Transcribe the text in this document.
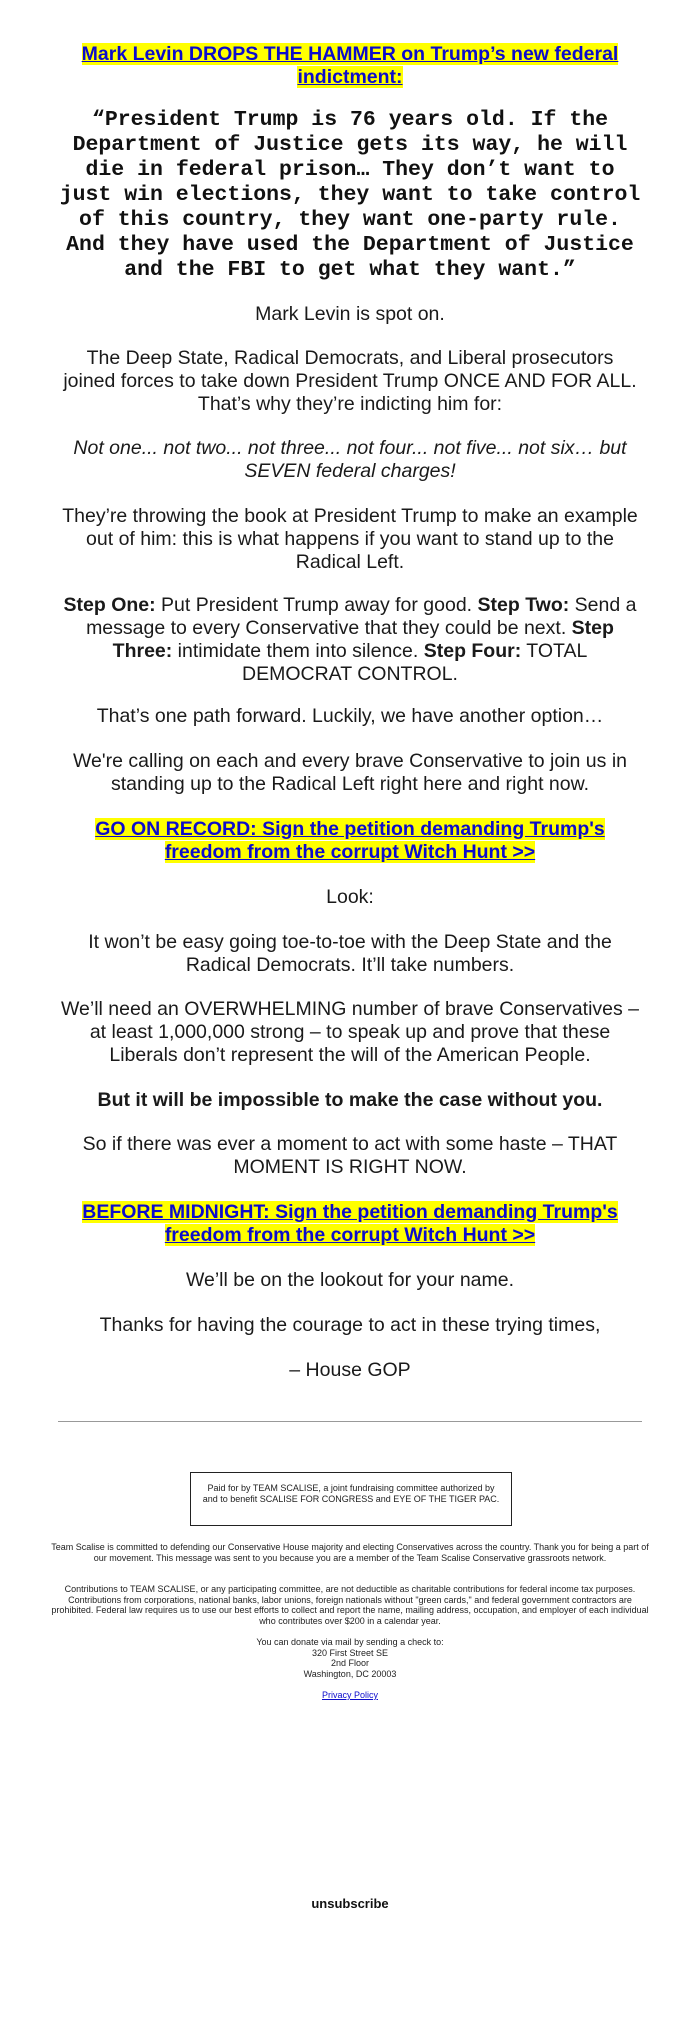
Mark Levin DROPS THE HAMMER on Trump’s new federal indictment:
“President Trump is 76 years old. If the Department of Justice gets its way, he will die in federal prison… They don’t want to just win elections, they want to take control of this country, they want one-party rule. And they have used the Department of Justice and the FBI to get what they want.”
Mark Levin is spot on.
The Deep State, Radical Democrats, and Liberal prosecutors joined forces to take down President Trump ONCE AND FOR ALL. That’s why they’re indicting him for:
Not one... not two... not three... not four... not five... not six… but SEVEN federal charges!
They’re throwing the book at President Trump to make an example out of him: this is what happens if you want to stand up to the Radical Left.
Step One: Put President Trump away for good. Step Two: Send a message to every Conservative that they could be next. Step Three: intimidate them into silence. Step Four: TOTAL DEMOCRAT CONTROL.
That’s one path forward. Luckily, we have another option…
We're calling on each and every brave Conservative to join us in standing up to the Radical Left right here and right now.
GO ON RECORD: Sign the petition demanding Trump's freedom from the corrupt Witch Hunt >>
Look:
It won’t be easy going toe-to-toe with the Deep State and the Radical Democrats. It’ll take numbers.
We’ll need an OVERWHELMING number of brave Conservatives – at least 1,000,000 strong – to speak up and prove that these Liberals don’t represent the will of the American People.
But it will be impossible to make the case without you.
So if there was ever a moment to act with some haste – THAT MOMENT IS RIGHT NOW.
BEFORE MIDNIGHT: Sign the petition demanding Trump's freedom from the corrupt Witch Hunt >>
We’ll be on the lookout for your name.
Thanks for having the courage to act in these trying times,
– House GOP
Paid for by TEAM SCALISE, a joint fundraising committee authorized by and to benefit SCALISE FOR CONGRESS and EYE OF THE TIGER PAC.
Team Scalise is committed to defending our Conservative House majority and electing Conservatives across the country. Thank you for being a part of our movement. This message was sent to you because you are a member of the Team Scalise Conservative grassroots network.
Contributions to TEAM SCALISE, or any participating committee, are not deductible as charitable contributions for federal income tax purposes. Contributions from corporations, national banks, labor unions, foreign nationals without "green cards," and federal government contractors are prohibited. Federal law requires us to use our best efforts to collect and report the name, mailing address, occupation, and employer of each individual who contributes over $200 in a calendar year.
You can donate via mail by sending a check to:
320 First Street SE
2nd Floor
Washington, DC 20003
Privacy Policy
unsubscribe
